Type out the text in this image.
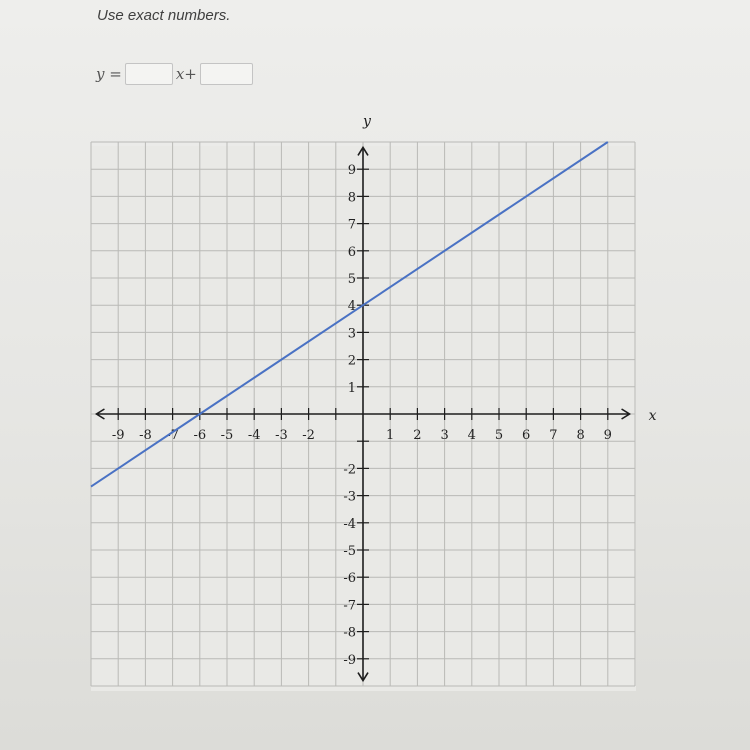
Use exact numbers.
y =	x+
-9 -8 -7 -6 -5 -4 -3 -2	1 2 3 4 5 6 7 8 9
9
8
7
6
5
4
3
2
1
-2
-3
-4
-5
-6
-7
-8
-9
x
y
